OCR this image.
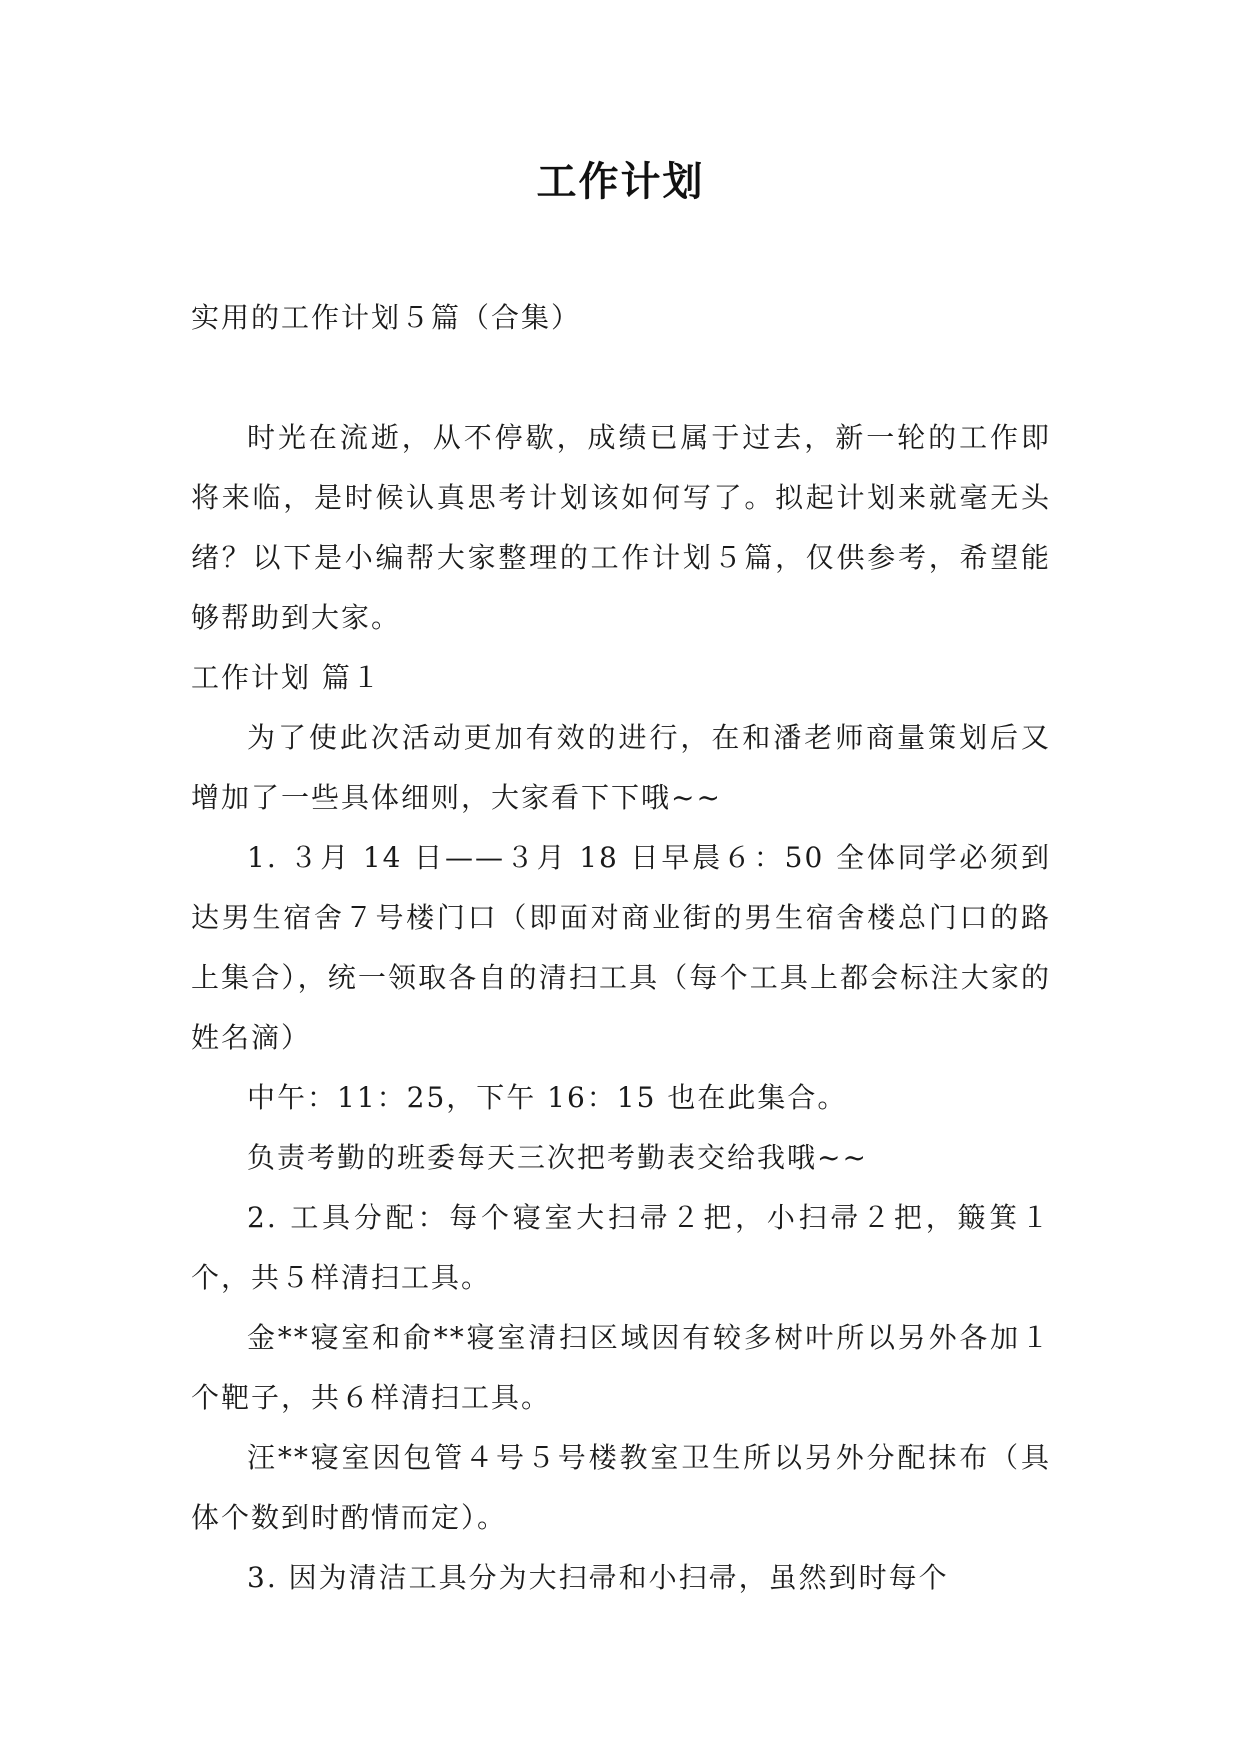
工作计划

实用的工作计划５篇（合集）

时光在流逝，从不停歇，成绩已属于过去，新一轮的工作即将来临，是时候认真思考计划该如何写了。拟起计划来就毫无头绪？以下是小编帮大家整理的工作计划５篇，仅供参考，希望能够帮助到大家。

工作计划 篇１

为了使此次活动更加有效的进行，在和潘老师商量策划后又增加了一些具体细则，大家看下下哦~~

1. ３月 14 日——３月 18 日早晨６：50 全体同学必须到达男生宿舍７号楼门口（即面对商业街的男生宿舍楼总门口的路上集合），统一领取各自的清扫工具（每个工具上都会标注大家的姓名滴）

中午：11：25，下午 16：15 也在此集合。

负责考勤的班委每天三次把考勤表交给我哦~~

2. 工具分配：每个寝室大扫帚２把，小扫帚２把，簸箕１个，共５样清扫工具。

金**寝室和俞**寝室清扫区域因有较多树叶所以另外各加１个靶子，共６样清扫工具。

汪**寝室因包管４号５号楼教室卫生所以另外分配抹布（具体个数到时酌情而定）。

3. 因为清洁工具分为大扫帚和小扫帚，虽然到时每个
